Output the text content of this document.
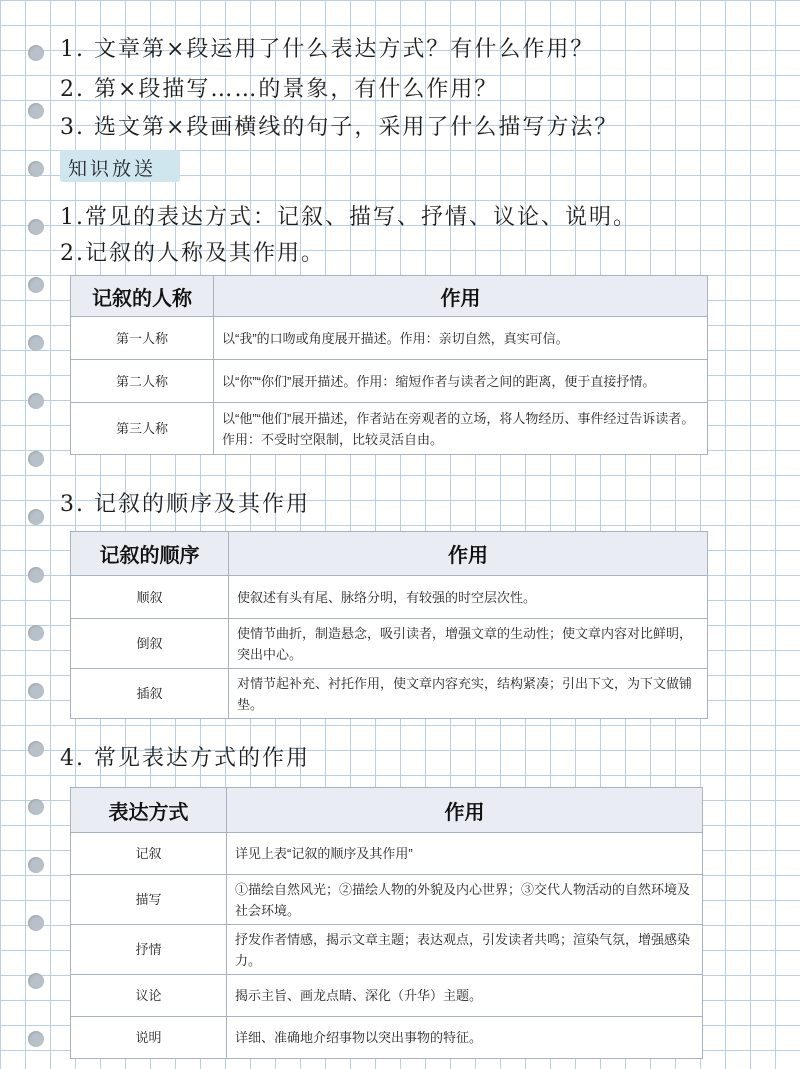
1. 文章第×段运用了什么表达方式？有什么作用？
2. 第×段描写……的景象，有什么作用？
3. 选文第×段画横线的句子，采用了什么描写方法？
知识放送
1.常见的表达方式：记叙、描写、抒情、议论、说明。
2.记叙的人称及其作用。
记叙的人称	作用
第一人称	以“我”的口吻或角度展开描述。作用：亲切自然，真实可信。
第二人称	以“你”“你们”展开描述。作用：缩短作者与读者之间的距离，便于直接抒情。
第三人称	以“他”“他们”展开描述，作者站在旁观者的立场，将人物经历、事件经过告诉读者。作用：不受时空限制，比较灵活自由。
3. 记叙的顺序及其作用
记叙的顺序	作用
顺叙	使叙述有头有尾、脉络分明，有较强的时空层次性。
倒叙	使情节曲折，制造悬念，吸引读者，增强文章的生动性；使文章内容对比鲜明，突出中心。
插叙	对情节起补充、衬托作用，使文章内容充实，结构紧凑；引出下文，为下文做铺垫。
4. 常见表达方式的作用
表达方式	作用
记叙	详见上表“记叙的顺序及其作用”
描写	①描绘自然风光；②描绘人物的外貌及内心世界；③交代人物活动的自然环境及社会环境。
抒情	抒发作者情感，揭示文章主题；表达观点，引发读者共鸣；渲染气氛，增强感染力。
议论	揭示主旨、画龙点睛、深化（升华）主题。
说明	详细、准确地介绍事物以突出事物的特征。
